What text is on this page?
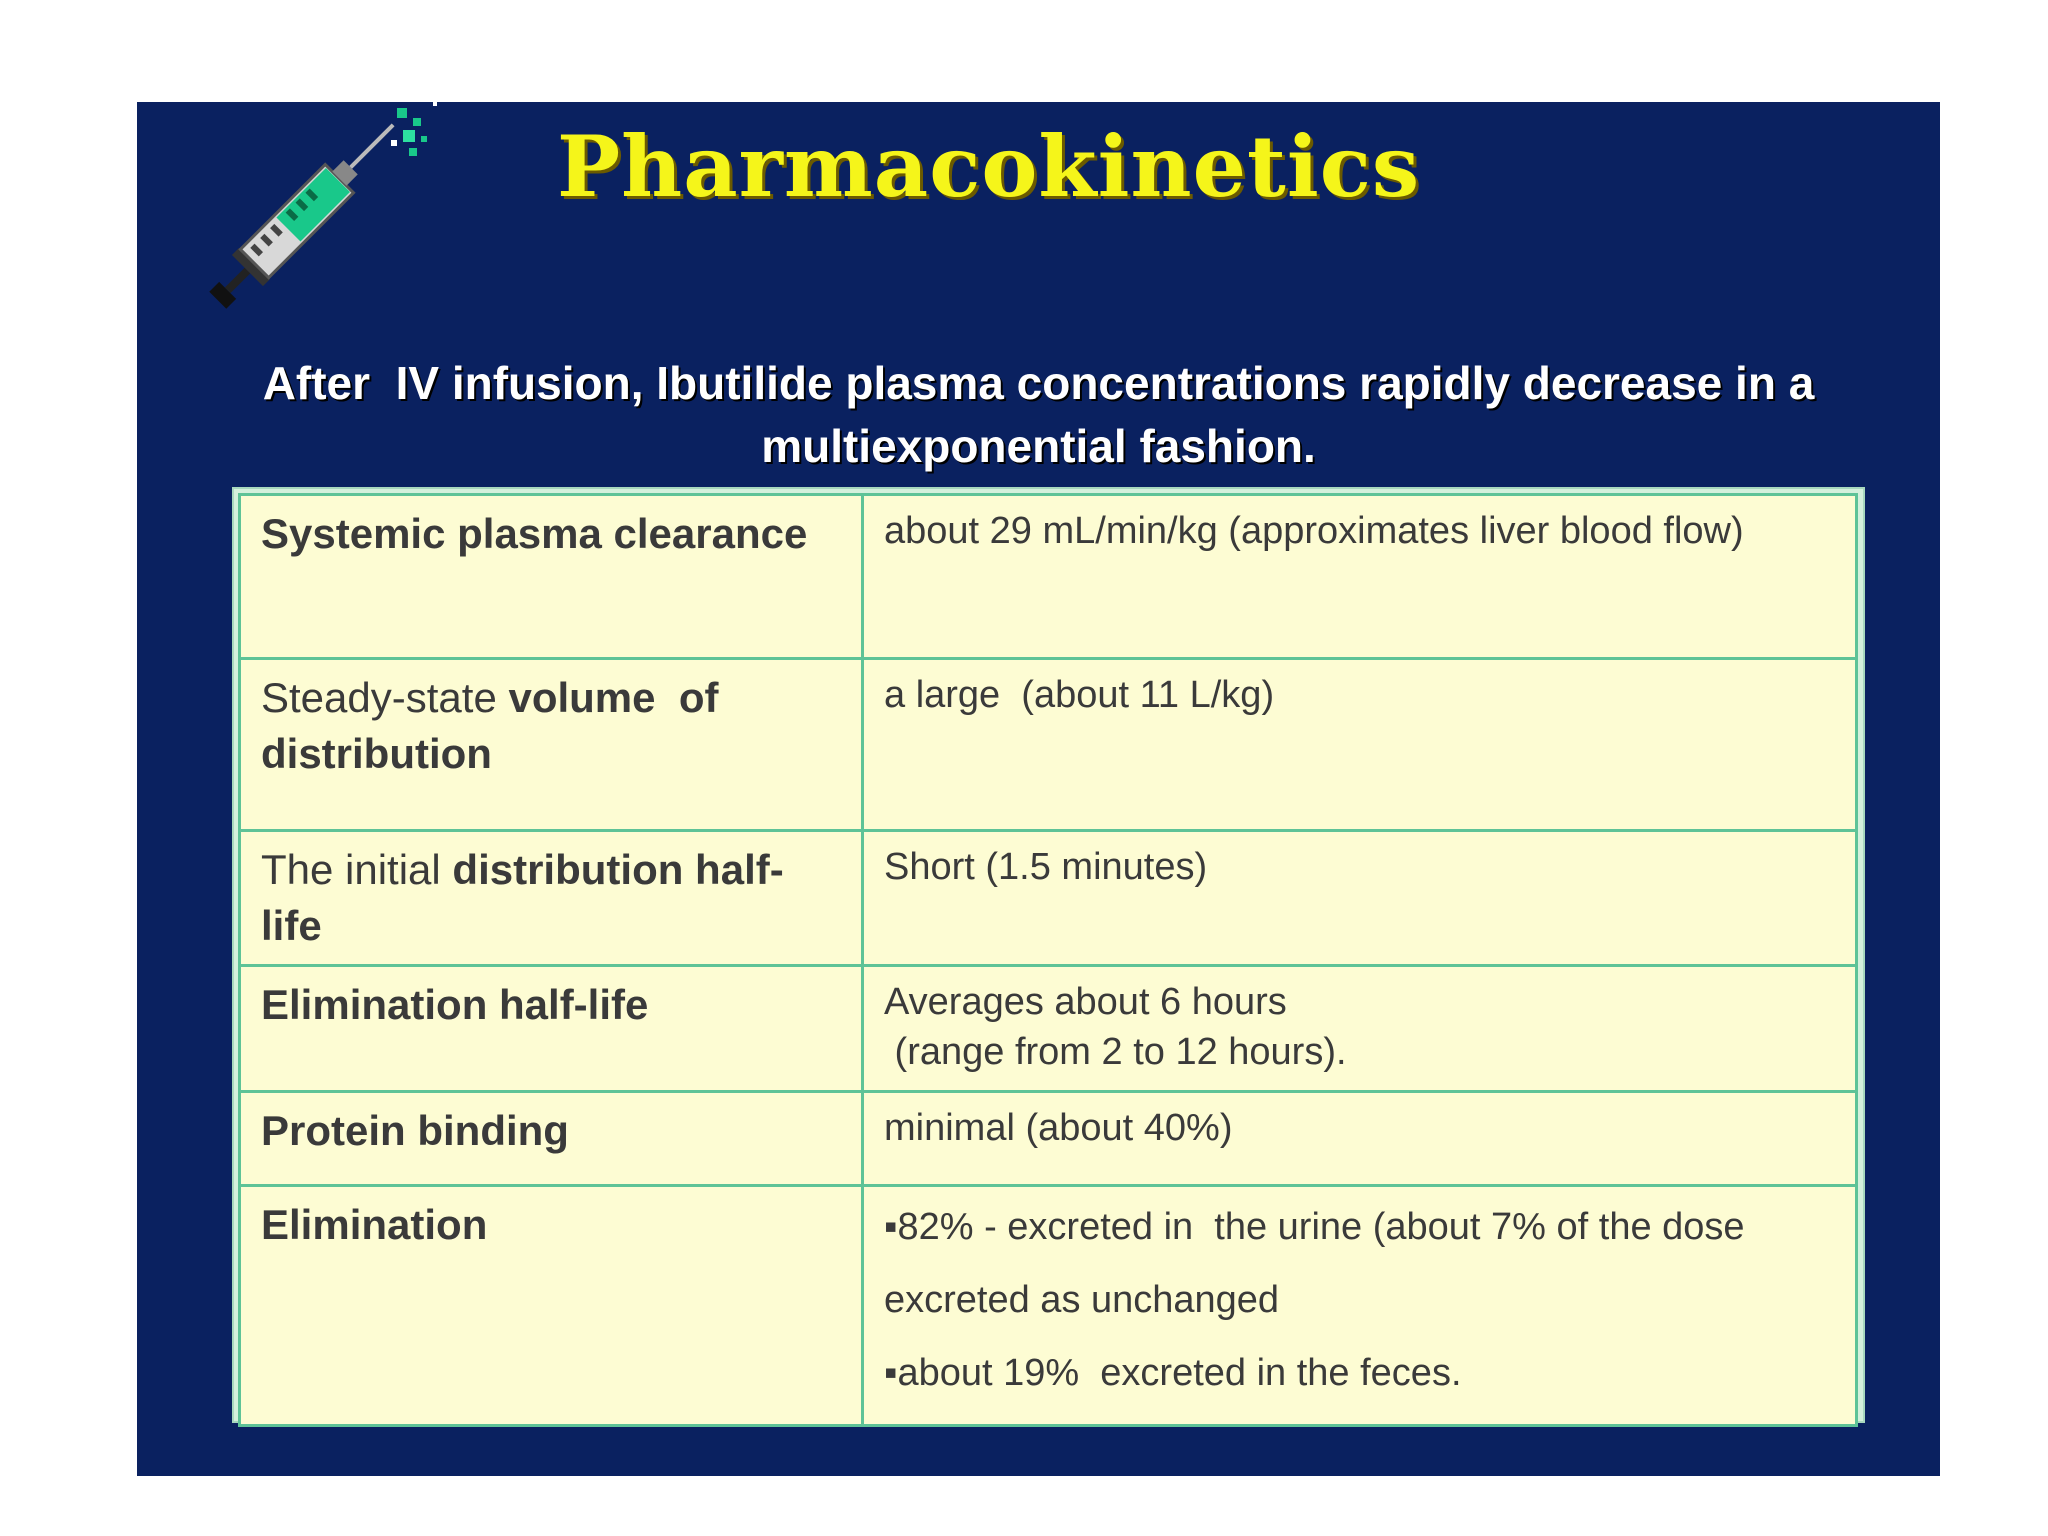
Pharmacokinetics
After  IV infusion, Ibutilide plasma concentrations rapidly decrease in a
multiexponential fashion.
Systemic plasma clearance	about 29 mL/min/kg (approximates liver blood flow)

Steady-state volume  of distribution	a large  (about 11 L/kg)

The initial distribution half-life	Short (1.5 minutes)

Elimination half-life	Averages about 6 hours
(range from 2 to 12 hours).

Protein binding	minimal (about 40%)

Elimination	▪82% - excreted in  the urine (about 7% of the dose
excreted as unchanged
▪about 19%  excreted in the feces.
